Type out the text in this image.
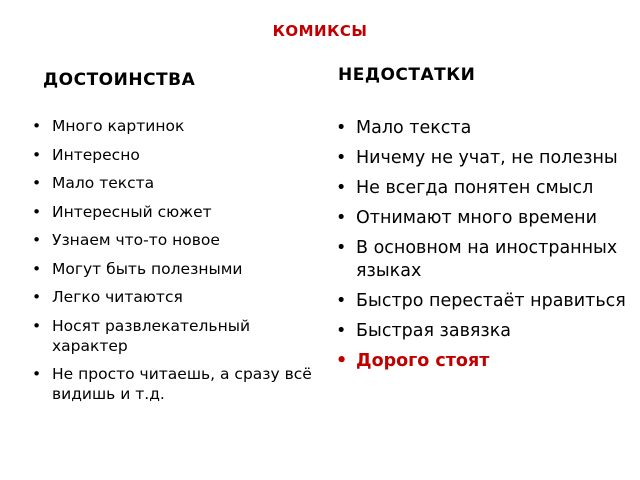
КОМИКСЫ
ДОСТОИНСТВА	НЕДОСТАТКИ
• Много картинок
• Интересно
• Мало текста
• Интересный сюжет
• Узнаем что-то новое
• Могут быть полезными
• Легко читаются
• Носят развлекательный характер
• Не просто читаешь, а сразу всё видишь и т.д.
• Мало текста
• Ничему не учат, не полезны
• Не всегда понятен смысл
• Отнимают много времени
• В основном на иностранных языках
• Быстро перестаёт нравиться
• Быстрая завязка
• Дорого стоят
